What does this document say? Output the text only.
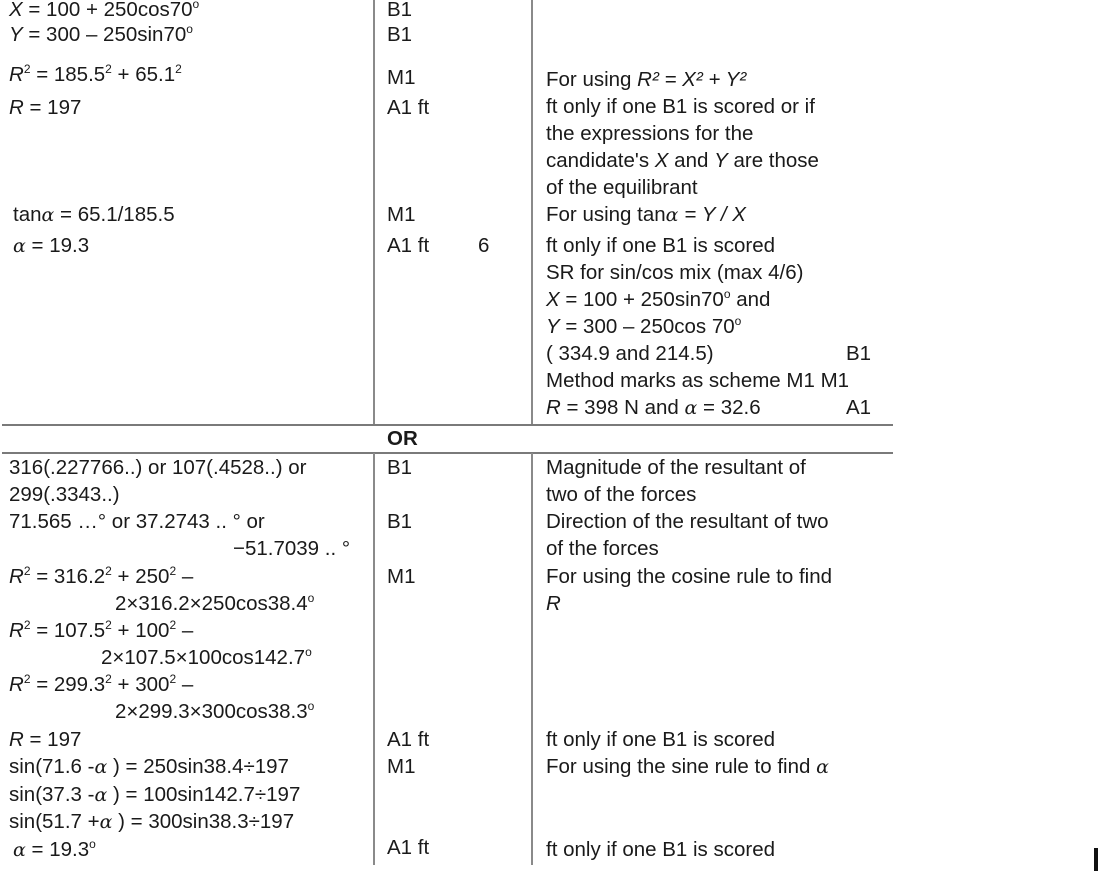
$X = 100 + 250\cos 70^o$
Y = 300 – 250sin70$^o$
$R^2 = 185.5^2 + 65.1^2$
R = 197
tanα = 65.1/185.5
α = 19.3
B1
B1
M1
A1 ft
M1
A1 ft 6
For using R² = X² + Y²
ft only if one B1 is scored or if
the expressions for the
candidate's X and Y are those
of the equilibrant
For using tanα = Y / X
ft only if one B1 is scored
SR for sin/cos mix (max 4/6)
$X = 100 + 250\sin 70^o$ and
Y = 300 – 250cos 70$^o$
( 334.9 and 214.5)	B1
Method marks as scheme M1 M1
R = 398 N and α = 32.6	A1
OR
316(.227766..) or 107(.4528..) or
299(.3343..)
71.565 …° or 37.2743 .. ° or
−51.7039 .. °
$R^2 = 316.2^2 + 250^2$ –
$2\times 316.2\times 250\cos 38.4^o$
$R^2 = 107.5^2 + 100^2$ –
$2\times 107.5\times 100\cos 142.7^o$
$R^2 = 299.3^2 + 300^2$ –
$2\times 299.3\times 300\cos 38.3^o$
R = 197
sin(71.6 -α ) = 250sin38.4÷197
sin(37.3 -α ) = 100sin142.7÷197
sin(51.7 +α ) = 300sin38.3÷197
$\alpha = 19.3^o$
B1
B1
M1
A1 ft
M1
A1 ft
Magnitude of the resultant of
two of the forces
Direction of the resultant of two
of the forces
For using the cosine rule to find
R
ft only if one B1 is scored
For using the sine rule to find α
ft only if one B1 is scored
